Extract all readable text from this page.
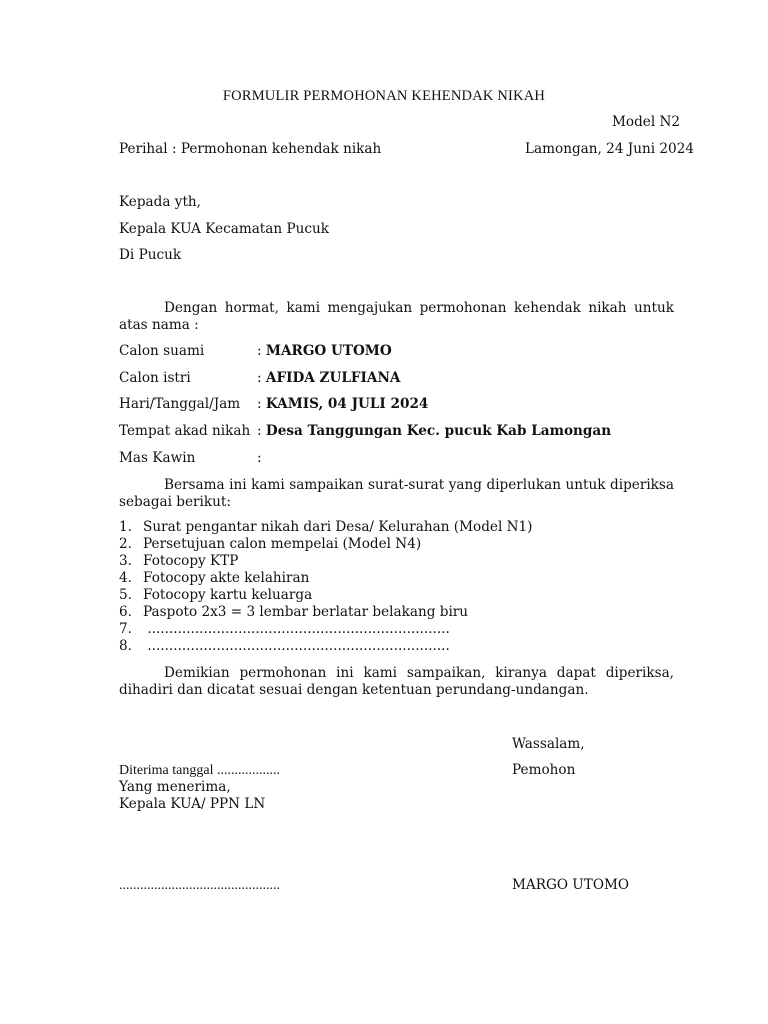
FORMULIR PERMOHONAN KEHENDAK NIKAH
Model N2
Perihal : Permohonan kehendak nikah	Lamongan, 24 Juni 2024
Kepada yth,
Kepala KUA Kecamatan Pucuk
Di Pucuk
Dengan hormat, kami mengajukan permohonan kehendak nikah untuk atas nama :
Calon suami	: MARGO UTOMO
Calon istri	: AFIDA ZULFIANA
Hari/Tanggal/Jam : KAMIS, 04 JULI 2024
Tempat akad nikah : Desa Tanggungan Kec. pucuk Kab Lamongan
Mas Kawin	:
Bersama ini kami sampaikan surat-surat yang diperlukan untuk diperiksa sebagai berikut:
1. Surat pengantar nikah dari Desa/ Kelurahan (Model N1)
2. Persetujuan calon mempelai (Model N4)
3. Fotocopy KTP
4. Fotocopy akte kelahiran
5. Fotocopy kartu keluarga
6. Paspoto 2x3 = 3 lembar berlatar belakang biru
7. ......................................................................
8. ......................................................................
Demikian permohonan ini kami sampaikan, kiranya dapat diperiksa, dihadiri dan dicatat sesuai dengan ketentuan perundang-undangan.
Wassalam,
Diterima tanggal ..................	Pemohon
Yang menerima,
Kepala KUA/ PPN LN
..............................................	MARGO UTOMO
